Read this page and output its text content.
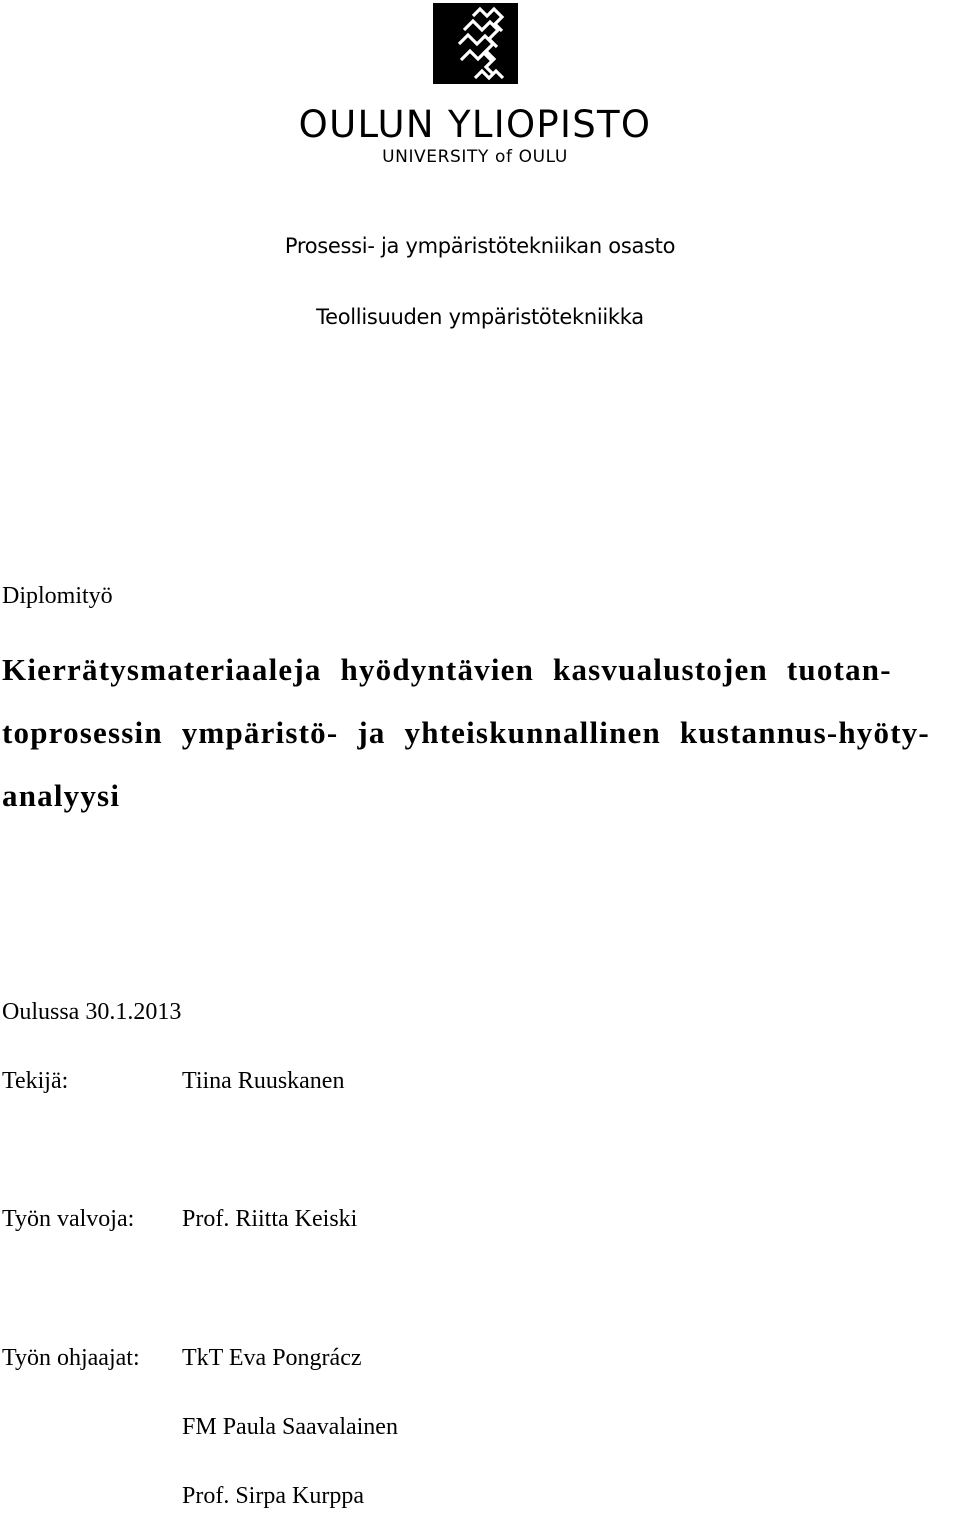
OULUN YLIOPISTO
UNIVERSITY of OULU
Prosessi- ja ympäristötekniikan osasto
Teollisuuden ympäristötekniikka
Diplomityö
Kierrätysmateriaaleja hyödyntävien kasvualustojen tuotan-
toprosessin ympäristö- ja yhteiskunnallinen kustannus-hyöty-
analyysi
Oulussa 30.1.2013
Tekijä:	Tiina Ruuskanen
Työn valvoja: Prof. Riitta Keiski
Työn ohjaajat: TkT Eva Pongrácz
FM Paula Saavalainen
Prof. Sirpa Kurppa
